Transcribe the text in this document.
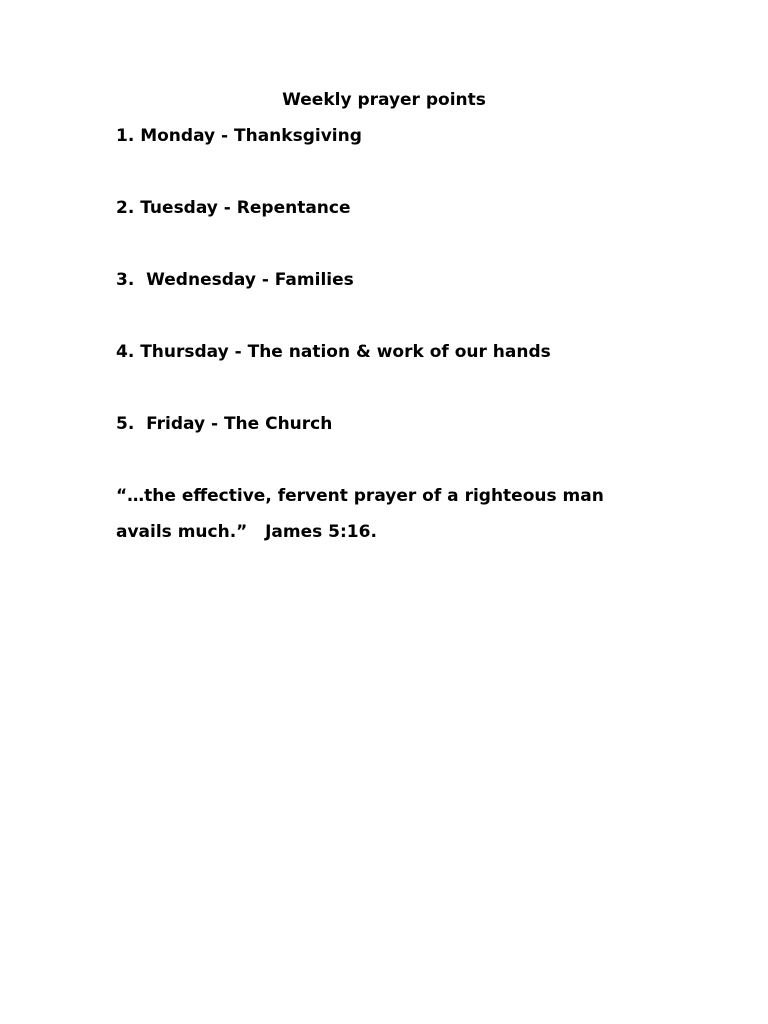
Weekly prayer points
1. Monday - Thanksgiving
2. Tuesday - Repentance
3.  Wednesday - Families
4. Thursday - The nation & work of our hands
5.  Friday - The Church
“…the effective, fervent prayer of a righteous man
avails much.”   James 5:16.
